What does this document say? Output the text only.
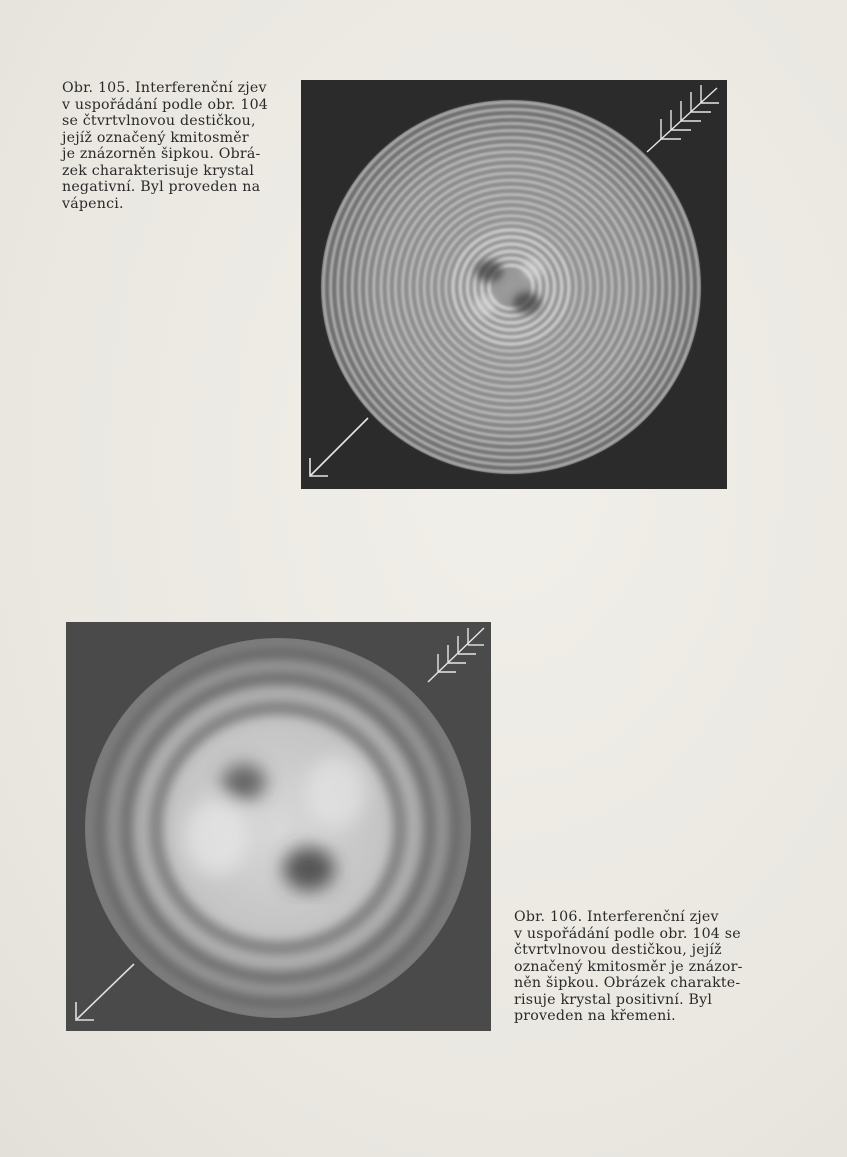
Obr. 105. Interferenční zjev

v uspořádání podle obr. 104

se čtvrtvlnovou destičkou,

jejíž označený kmitosměr

je znázorněn šipkou. Obrá-

zek charakterisuje krystal

negativní. Byl proveden na

vápenci.

Obr. 106. Interferenční zjev

v uspořádání podle obr. 104 se

čtvrtvlnovou destičkou, jejíž

označený kmitosměr je znázor-

něn šipkou. Obrázek charakte-

risuje krystal positivní. Byl

proveden na křemeni.
